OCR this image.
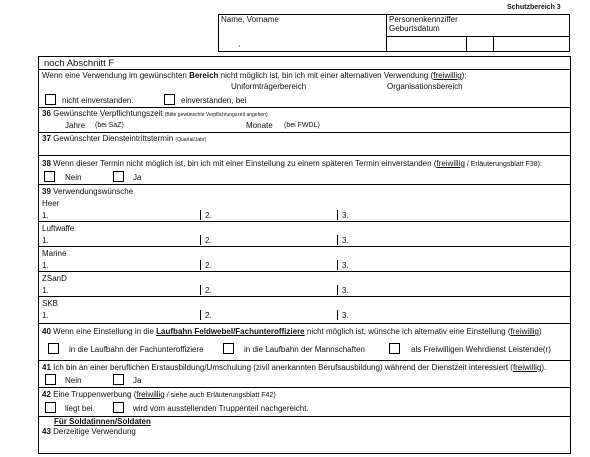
Schutzbereich 3
Name, Vorname
,
Personenkennziffer
Geburtsdatum
noch Abschnitt F
Wenn eine Verwendung im gewünschten Bereich nicht möglich ist, bin ich mit einer alternativen Verwendung (freiwillig):
Uniformträgerbereich	Organisationsbereich
nicht einverstanden.	einverstanden, bei
36 Gewünschte Verpflichtungszeit (Bitte gewünschte Verpflichtungszeit angeben)
Jahre (bei SaZ)	Monate (bei FWDL)
37 Gewünschter Diensteintrittstermin (Quartal/Jahr)
38 Wenn dieser Termin nicht möglich ist, bin ich mit einer Einstellung zu einem späteren Termin einverstanden (freiwillig / Erläuterungsblatt F38):
Nein	Ja
39 Verwendungswünsche
Heer
1.	2.	3.
Luftwaffe
1.	2.	3.
Marine
1.	2.	3.
ZSanD
1.	2.	3.
SKB
1.	2.	3.
40 Wenn eine Einstellung in die Laufbahn Feldwebel/Fachunteroffiziere nicht möglich ist, wünsche ich alternativ eine Einstellung (freiwillig)
in die Laufbahn der Fachunteroffiziere	in die Laufbahn der Mannschaften	als Freiwilligen Wehrdienst Leistende(r)
41 Ich bin an einer beruflichen Erstausbildung/Umschulung (zivil anerkannten Berufsausbildung) während der Dienstzeit interessiert (freiwillig).
Nein	Ja
42 Eine Truppenwerbung (freiwillig / siehe auch Erläuterungsblatt F42)
liegt bei.	wird vom ausstellenden Truppenteil nachgereicht.
Für Soldatinnen/Soldaten
43 Derzeitige Verwendung
